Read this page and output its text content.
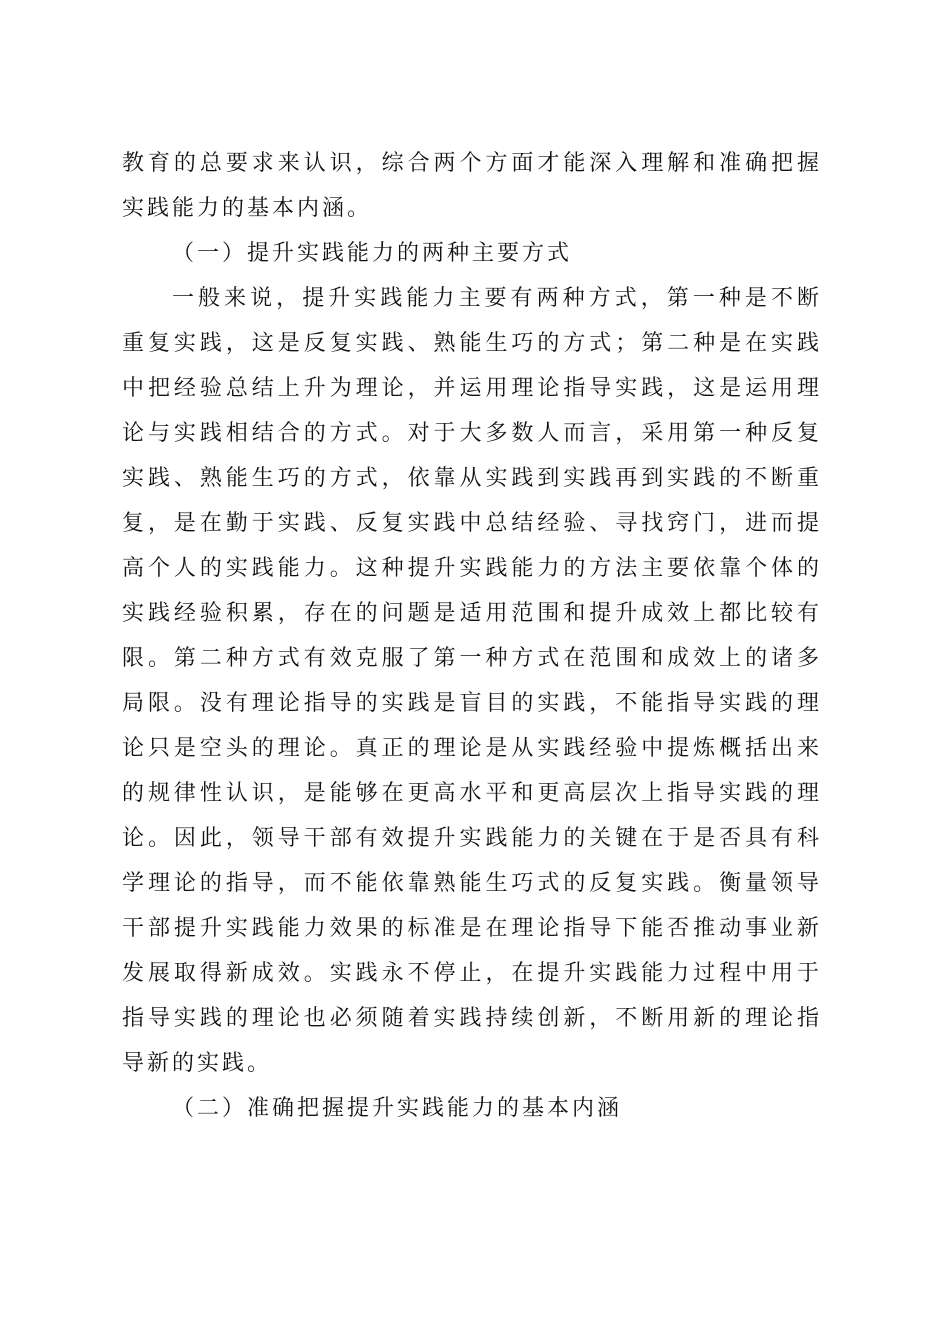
教育的总要求来认识，综合两个方面才能深入理解和准确把握
实践能力的基本内涵。
（一）提升实践能力的两种主要方式
一般来说，提升实践能力主要有两种方式，第一种是不断
重复实践，这是反复实践、熟能生巧的方式；第二种是在实践
中把经验总结上升为理论，并运用理论指导实践，这是运用理
论与实践相结合的方式。对于大多数人而言，采用第一种反复
实践、熟能生巧的方式，依靠从实践到实践再到实践的不断重
复，是在勤于实践、反复实践中总结经验、寻找窍门，进而提
高个人的实践能力。这种提升实践能力的方法主要依靠个体的
实践经验积累，存在的问题是适用范围和提升成效上都比较有
限。第二种方式有效克服了第一种方式在范围和成效上的诸多
局限。没有理论指导的实践是盲目的实践，不能指导实践的理
论只是空头的理论。真正的理论是从实践经验中提炼概括出来
的规律性认识，是能够在更高水平和更高层次上指导实践的理
论。因此，领导干部有效提升实践能力的关键在于是否具有科
学理论的指导，而不能依靠熟能生巧式的反复实践。衡量领导
干部提升实践能力效果的标准是在理论指导下能否推动事业新
发展取得新成效。实践永不停止，在提升实践能力过程中用于
指导实践的理论也必须随着实践持续创新，不断用新的理论指
导新的实践。
（二）准确把握提升实践能力的基本内涵
